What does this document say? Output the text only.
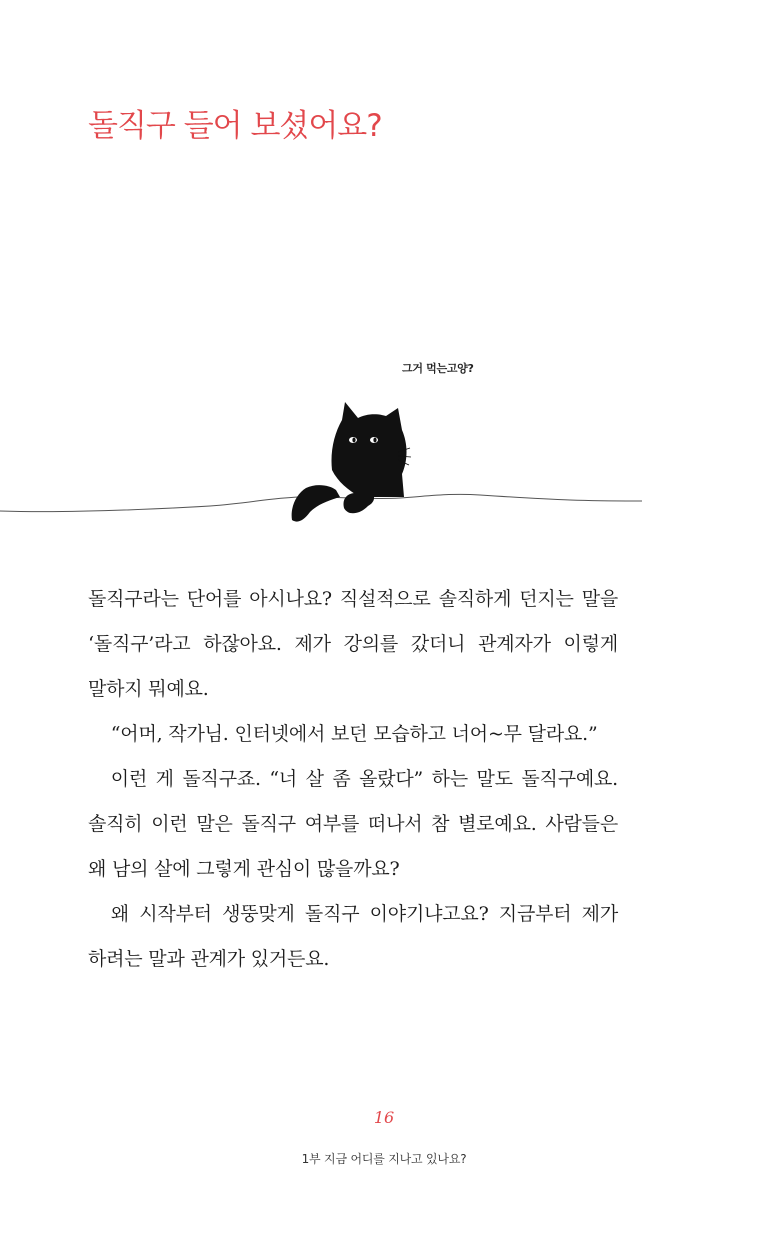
돌직구 들어 보셨어요?
그거 먹는고양?

돌직구라는 단어를 아시나요? 직설적으로 솔직하게 던지는 말을 ‘돌직구’라고 하잖아요. 제가 강의를 갔더니 관계자가 이렇게 말하지 뭐예요.

“어머, 작가님. 인터넷에서 보던 모습하고 너어~무 달라요.”

이런 게 돌직구죠. “너 살 좀 올랐다” 하는 말도 돌직구예요. 솔직히 이런 말은 돌직구 여부를 떠나서 참 별로예요. 사람들은 왜 남의 살에 그렇게 관심이 많을까요?

왜 시작부터 생뚱맞게 돌직구 이야기냐고요? 지금부터 제가 하려는 말과 관계가 있거든요.

16
1부 지금 어디를 지나고 있나요?
